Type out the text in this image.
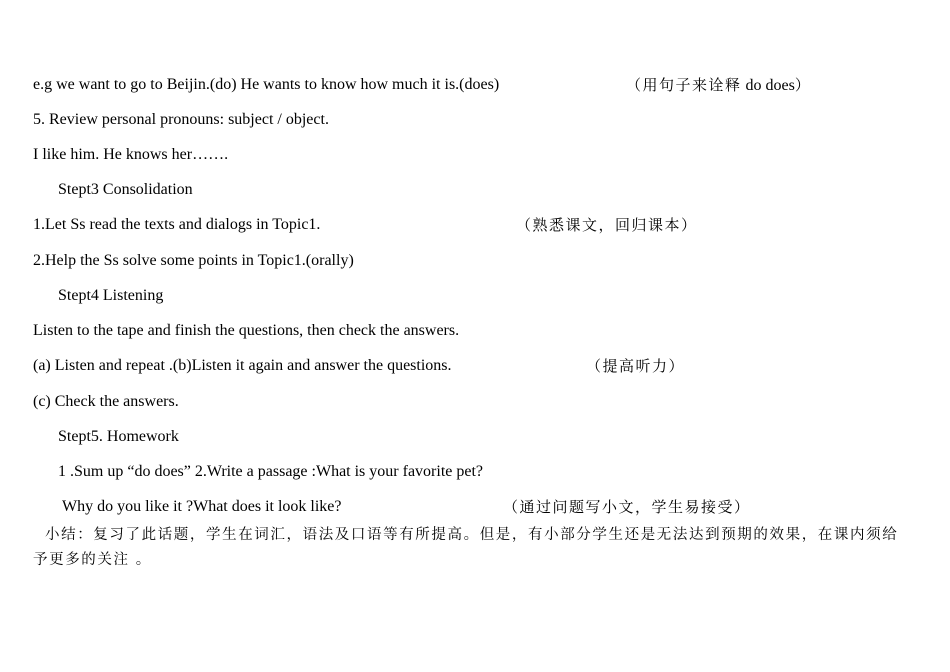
e.g we want to go to Beijin.(do) He wants to know how much it is.(does)	（用句子来诠释 do does）
5. Review personal pronouns: subject / object.
I like him. He knows her…….
Stept3 Consolidation
1.Let Ss read the texts and dialogs in Topic1.	（熟悉课文，回归课本）
2.Help the Ss solve some points in Topic1.(orally)
Stept4 Listening
Listen to the tape and finish the questions, then check the answers.
(a) Listen and repeat .(b)Listen it again and answer the questions.	（提高听力）
(c) Check the answers.
Stept5. Homework
1 .Sum up “do does” 2.Write a passage :What is your favorite pet?
Why do you like it ?What does it look like?	（通过问题写小文，学生易接受）
小结：复习了此话题，学生在词汇，语法及口语等有所提高。但是，有小部分学生还是无法达到预期的效果，在课内须给予更多的关注 。
